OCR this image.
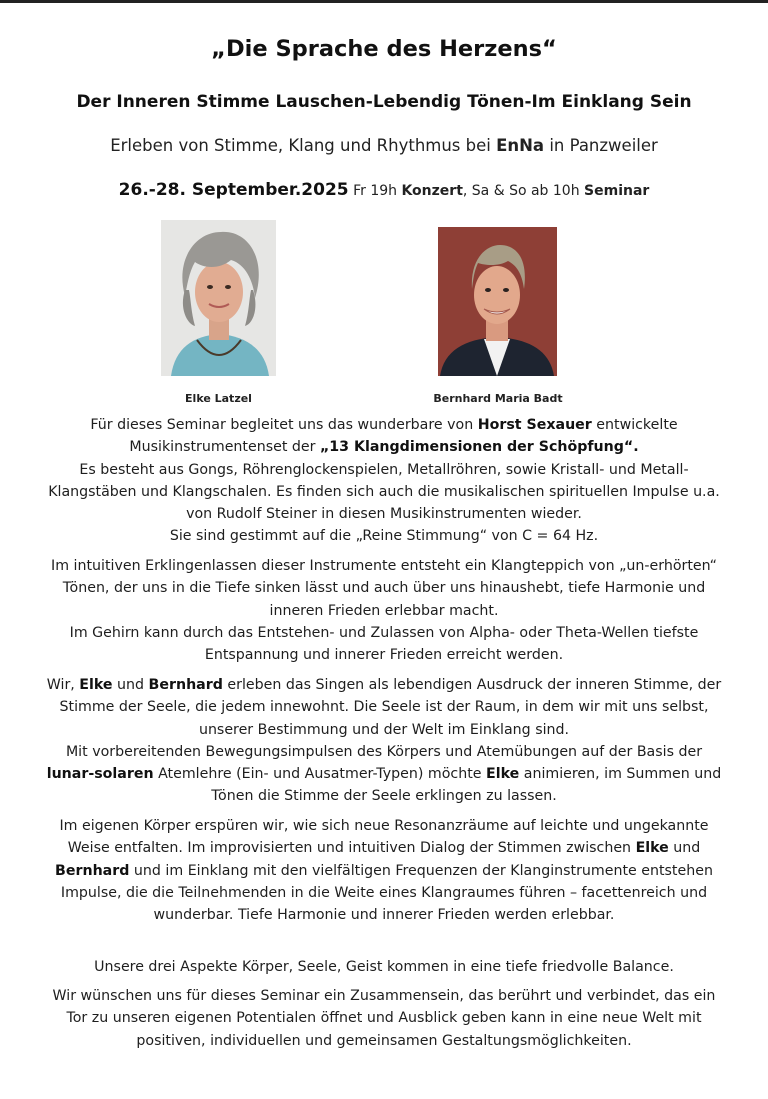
„Die Sprache des Herzens“
Der Inneren Stimme Lauschen-Lebendig Tönen-Im Einklang Sein
Erleben von Stimme, Klang und Rhythmus bei EnNa in Panzweiler
26.-28. September.2025 Fr 19h Konzert, Sa & So ab 10h Seminar
Elke Latzel	Bernhard Maria Badt

Für dieses Seminar begleitet uns das wunderbare von Horst Sexauer entwickelte Musikinstrumentenset der „13 Klangdimensionen der Schöpfung“.
Es besteht aus Gongs, Röhrenglockenspielen, Metallröhren, sowie Kristall- und Metall-Klangstäben und Klangschalen. Es finden sich auch die musikalischen spirituellen Impulse u.a. von Rudolf Steiner in diesen Musikinstrumenten wieder.
Sie sind gestimmt auf die „Reine Stimmung“ von C = 64 Hz.

Im intuitiven Erklingenlassen dieser Instrumente entsteht ein Klangteppich von „un-erhörten“ Tönen, der uns in die Tiefe sinken lässt und auch über uns hinaushebt, tiefe Harmonie und inneren Frieden erlebbar macht.
Im Gehirn kann durch das Entstehen- und Zulassen von Alpha- oder Theta-Wellen tiefste Entspannung und innerer Frieden erreicht werden.

Wir, Elke und Bernhard erleben das Singen als lebendigen Ausdruck der inneren Stimme, der Stimme der Seele, die jedem innewohnt. Die Seele ist der Raum, in dem wir mit uns selbst, unserer Bestimmung und der Welt im Einklang sind.
Mit vorbereitenden Bewegungsimpulsen des Körpers und Atemübungen auf der Basis der lunar-solaren Atemlehre (Ein- und Ausatmer-Typen) möchte Elke animieren, im Summen und Tönen die Stimme der Seele erklingen zu lassen.

Im eigenen Körper erspüren wir, wie sich neue Resonanzräume auf leichte und ungekannte Weise entfalten. Im improvisierten und intuitiven Dialog der Stimmen zwischen Elke und Bernhard und im Einklang mit den vielfältigen Frequenzen der Klanginstrumente entstehen Impulse, die die Teilnehmenden in die Weite eines Klangraumes führen – facettenreich und wunderbar. Tiefe Harmonie und innerer Frieden werden erlebbar.

Unsere drei Aspekte Körper, Seele, Geist kommen in eine tiefe friedvolle Balance.

Wir wünschen uns für dieses Seminar ein Zusammensein, das berührt und verbindet, das ein Tor zu unseren eigenen Potentialen öffnet und Ausblick geben kann in eine neue Welt mit positiven, individuellen und gemeinsamen Gestaltungsmöglichkeiten.
